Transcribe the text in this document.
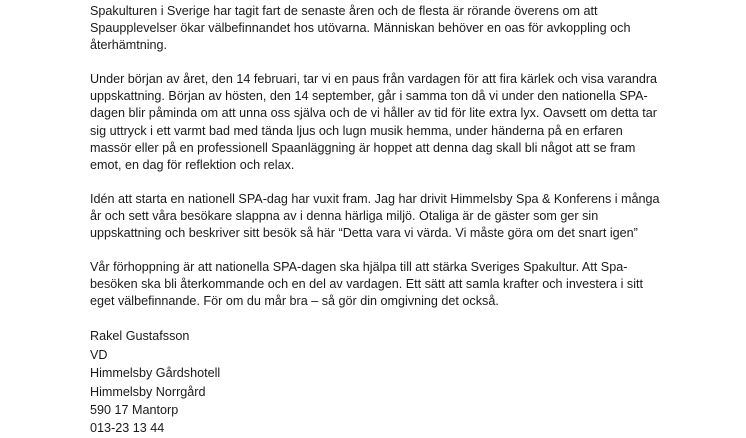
Spakulturen i Sverige har tagit fart de senaste åren och de flesta är rörande överens om att
Spaupplevelser ökar välbefinnandet hos utövarna. Människan behöver en oas för avkoppling och
återhämtning.

Under början av året, den 14 februari, tar vi en paus från vardagen för att fira kärlek och visa varandra
uppskattning. Början av hösten, den 14 september, går i samma ton då vi under den nationella SPA-
dagen blir påminda om att unna oss själva och de vi håller av tid för lite extra lyx. Oavsett om detta tar
sig uttryck i ett varmt bad med tända ljus och lugn musik hemma, under händerna på en erfaren
massör eller på en professionell Spaanläggning är hoppet att denna dag skall bli något att se fram
emot, en dag för reflektion och relax.

Idén att starta en nationell SPA-dag har vuxit fram. Jag har drivit Himmelsby Spa & Konferens i många
år och sett våra besökare slappna av i denna härliga miljö. Otaliga är de gäster som ger sin
uppskattning och beskriver sitt besök så här “Detta vara vi värda. Vi måste göra om det snart igen”

Vår förhoppning är att nationella SPA-dagen ska hjälpa till att stärka Sveriges Spakultur. Att Spa-
besöken ska bli återkommande och en del av vardagen. Ett sätt att samla krafter och investera i sitt
eget välbefinnande. För om du mår bra – så gör din omgivning det också.

Rakel Gustafsson
VD
Himmelsby Gårdshotell
Himmelsby Norrgård
590 17 Mantorp
013-23 13 44
